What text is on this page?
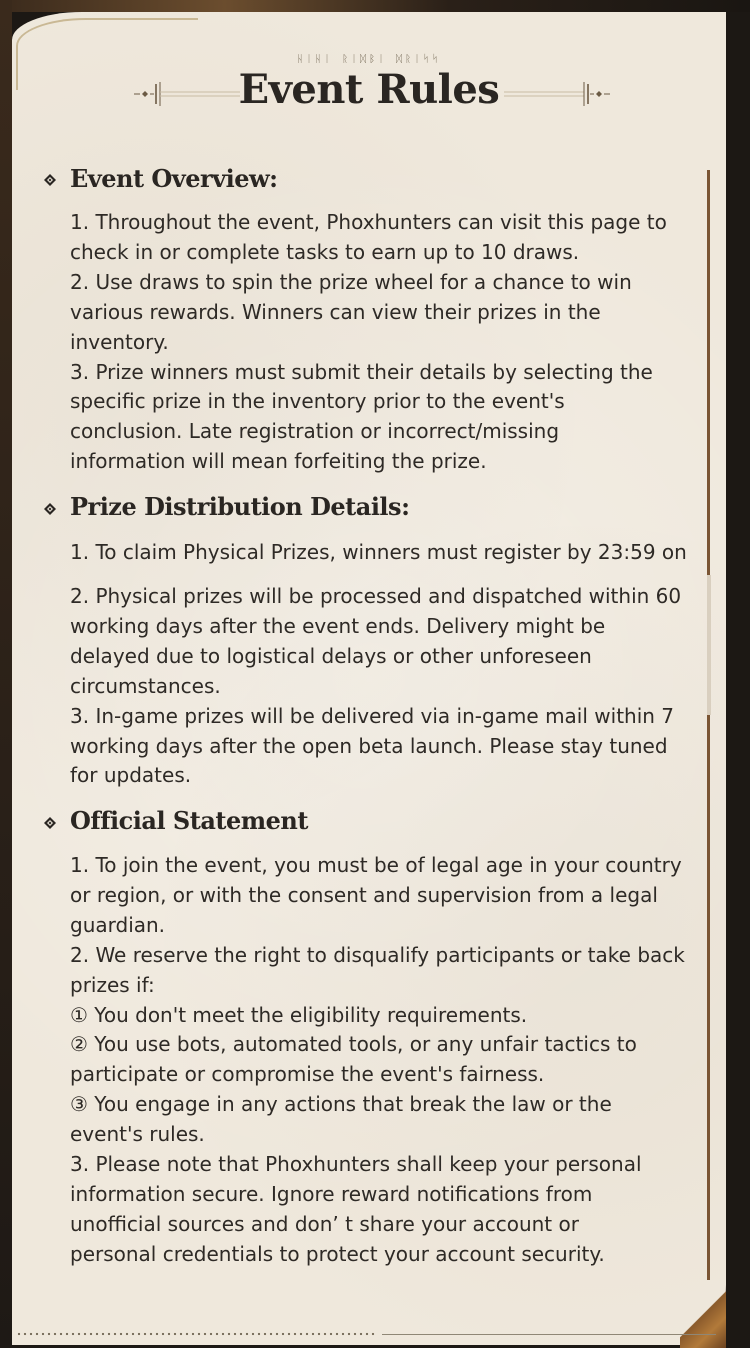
ᚺᛁᚺᛁ ᚱᛁᛞᛒᛁ ᛞᚱᛁᛋᛋ
Event Rules
Event Overview:
1. Throughout the event, Phoxhunters can visit this page to
check in or complete tasks to earn up to 10 draws.
2. Use draws to spin the prize wheel for a chance to win
various rewards. Winners can view their prizes in the
inventory.
3. Prize winners must submit their details by selecting the
specific prize in the inventory prior to the event's
conclusion. Late registration or incorrect/missing
information will mean forfeiting the prize.
Prize Distribution Details:
1. To claim Physical Prizes, winners must register by 23:59 on
2. Physical prizes will be processed and dispatched within 60
working days after the event ends. Delivery might be
delayed due to logistical delays or other unforeseen
circumstances.
3. In-game prizes will be delivered via in-game mail within 7
working days after the open beta launch. Please stay tuned
for updates.
Official Statement
1. To join the event, you must be of legal age in your country
or region, or with the consent and supervision from a legal
guardian.
2. We reserve the right to disqualify participants or take back
prizes if:
① You don't meet the eligibility requirements.
② You use bots, automated tools, or any unfair tactics to
participate or compromise the event's fairness.
③ You engage in any actions that break the law or the
event's rules.
3. Please note that Phoxhunters shall keep your personal
information secure. Ignore reward notifications from
unofficial sources and don’ t share your account or
personal credentials to protect your account security.
